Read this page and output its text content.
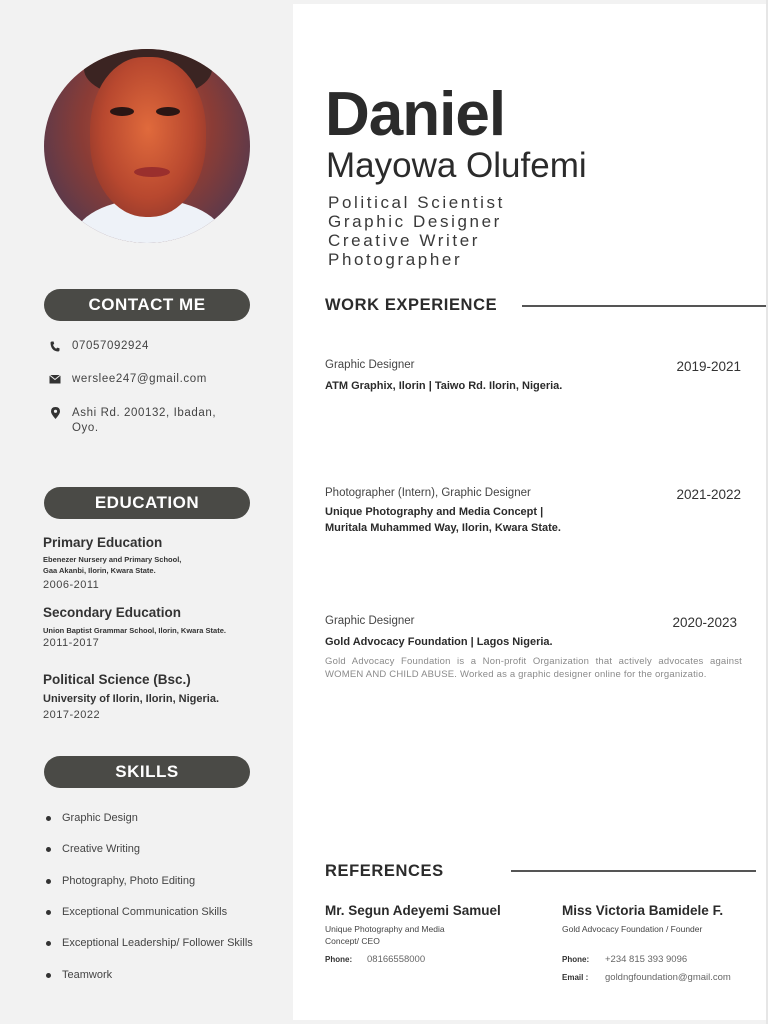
CONTACT ME
07057092924
werslee247@gmail.com
Ashi Rd. 200132, Ibadan,
Oyo.
EDUCATION
Primary Education
Ebenezer Nursery and Primary School,
Gaa Akanbi, Ilorin, Kwara State.
2006-2011
Secondary Education
Union Baptist Grammar School, Ilorin, Kwara State.
2011-2017
Political Science (Bsc.)
University of Ilorin, Ilorin, Nigeria.
2017-2022
SKILLS
Graphic Design
Creative Writing
Photography, Photo Editing
Exceptional Communication Skills
Exceptional Leadership/ Follower Skills
Teamwork
Daniel
Mayowa Olufemi
Political Scientist
Graphic Designer
Creative Writer
Photographer
WORK EXPERIENCE
Graphic Designer	2019-2021
ATM Graphix, Ilorin | Taiwo Rd. Ilorin, Nigeria.
Photographer (Intern), Graphic Designer	2021-2022
Unique Photography and Media Concept |
Muritala Muhammed Way, Ilorin, Kwara State.
Graphic Designer	2020-2023
Gold Advocacy Foundation | Lagos Nigeria.
Gold Advocacy Foundation is a Non-profit Organization that actively advocates against WOMEN AND CHILD ABUSE. Worked as a graphic designer online for the organizatio.
REFERENCES
Mr. Segun Adeyemi Samuel
Unique Photography and Media
Concept/ CEO
Phone: 08166558000
Miss Victoria Bamidele F.
Gold Advocacy Foundation / Founder
Phone: +234 815 393 9096
Email : goldngfoundation@gmail.com
